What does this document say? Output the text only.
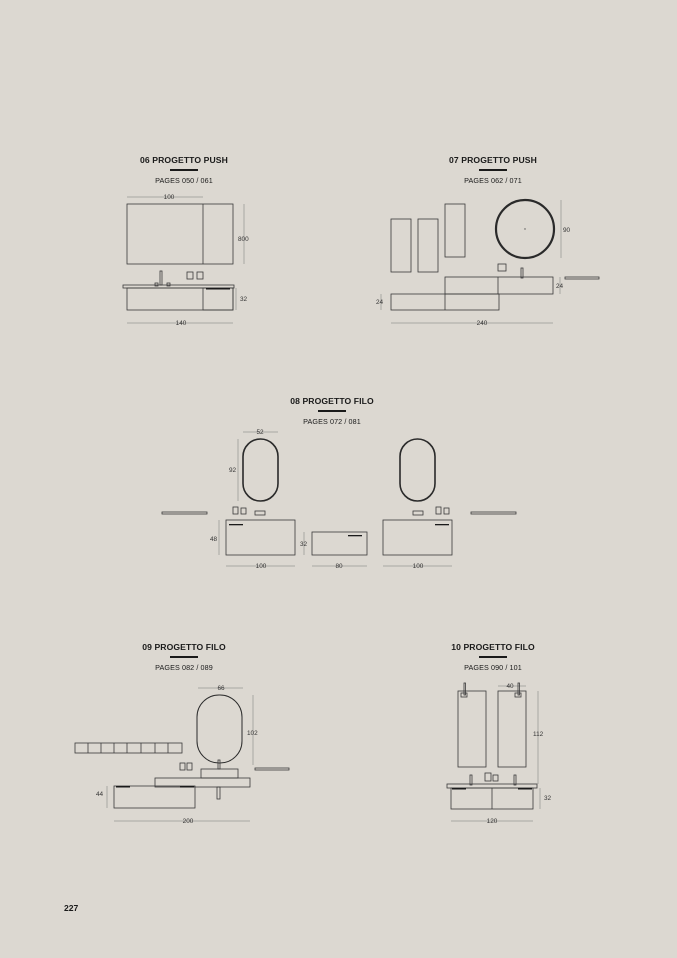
06 PROGETTO PUSH
PAGES 050 / 061
07 PROGETTO PUSH
PAGES 062 / 071
08 PROGETTO FILO
PAGES 072 / 081
09 PROGETTO FILO
PAGES 082 / 089
10 PROGETTO FILO
PAGES 090 / 101
100
800
32
140
90
24
24
240
52
92
48
32
100	80	100
66
102
44
200
40
112
32
120
227
